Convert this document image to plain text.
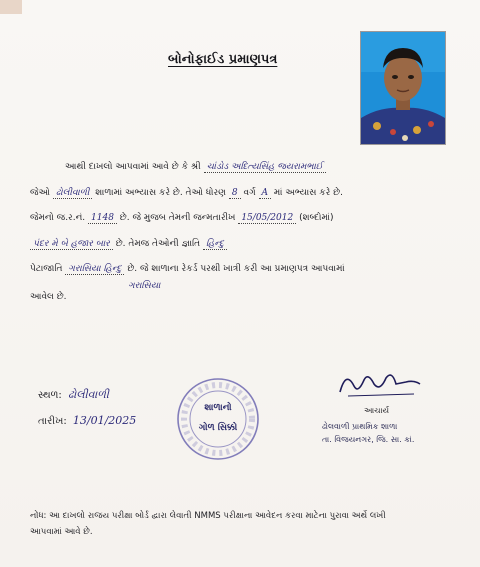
બોનોફાઈડ પ્રમાણપત્ર
આથી દાખલો આપવામાં આવે છે કે શ્રી ચાંડોડ અદિત્યસિંહ જયરામભાઈ
જેઓ ઢોલીવાળી શાળામાં અભ્યાસ કરે છે. તેઓ ધોરણ 8 વર્ગ A માં અભ્યાસ કરે છે.
જેમનો જ.ર.નં. 1148 છે. જે મુજબ તેમની જન્મતારીખ 15/05/2012 (શબ્દોમાં)
પંદર મે બે હજાર બાર છે. તેમજ તેઓની જ્ઞાતિ હિન્દુ
પેટાજાતિ ગરાસિયા હિન્દુ છે. જે શાળાના રેકર્ડ પરથી ખાત્રી કરી આ પ્રમાણપત્ર આપવામાં
ગરાસિયા
આવેલ છે.
સ્થળ: ઢોલીવાળી
તારીખ: 13/01/2025
શાળાનો
ગોળ સિક્કો
આચાર્ય
ઢોલવાળી પ્રાથમિક શાળા
તા. વિજયનગર, જિ. સા. કાં.
નોંધ: આ દાખલો રાજય પરીક્ષા બોર્ડ દ્વારા લેવાતી NMMS પરીક્ષાના આવેદન કરવા માટેના પુરાવા અર્થે લખી
આપવામાં આવે છે.
